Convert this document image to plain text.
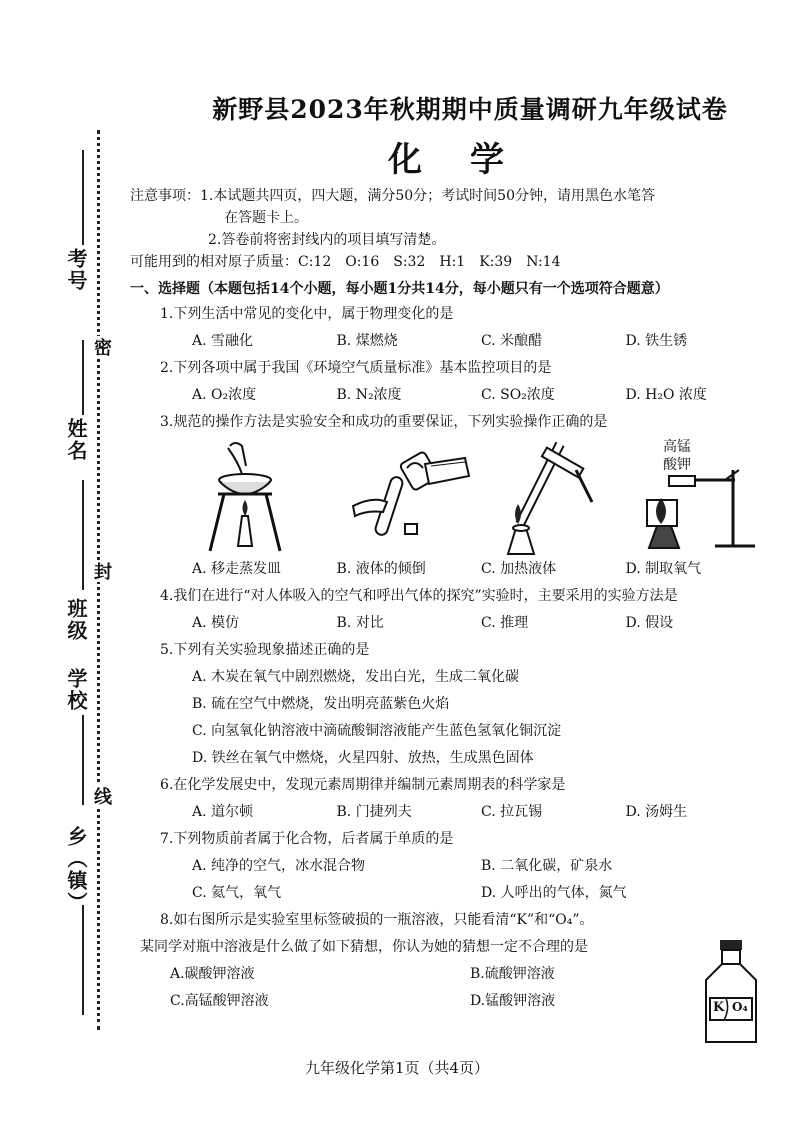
考号
姓名
班级
学校
乡（镇）
密
封
线
新野县2023年秋期期中质量调研九年级试卷
化学
注意事项：1.本试题共四页，四大题，满分50分；考试时间50分钟，请用黑色水笔答
在答题卡上。
2.答卷前将密封线内的项目填写清楚。
可能用到的相对原子质量：C:12　O:16　S:32　H:1　K:39　N:14
一、选择题（本题包括14个小题，每小题1分共14分，每小题只有一个选项符合题意）
1.下列生活中常见的变化中，属于物理变化的是
A. 雪融化	B. 煤燃烧	C. 米酿醋	D. 铁生锈
2.下列各项中属于我国《环境空气质量标准》基本监控项目的是
A. O₂浓度	B. N₂浓度	C. SO₂浓度	D. H₂O 浓度
3.规范的操作方法是实验安全和成功的重要保证，下列实验操作正确的是
高锰
酸钾
A. 移走蒸发皿	B. 液体的倾倒	C. 加热液体	D. 制取氧气
4.我们在进行“对人体吸入的空气和呼出气体的探究”实验时，主要采用的实验方法是
A. 模仿	B. 对比	C. 推理	D. 假设
5.下列有关实验现象描述正确的是
A. 木炭在氧气中剧烈燃烧，发出白光，生成二氧化碳
B. 硫在空气中燃烧，发出明亮蓝紫色火焰
C. 向氢氧化钠溶液中滴硫酸铜溶液能产生蓝色氢氧化铜沉淀
D. 铁丝在氧气中燃烧，火星四射、放热，生成黑色固体
6.在化学发展史中，发现元素周期律并编制元素周期表的科学家是
A. 道尔顿	B. 门捷列夫	C. 拉瓦锡	D. 汤姆生
7.下列物质前者属于化合物，后者属于单质的是
A. 纯净的空气，冰水混合物	B. 二氧化碳，矿泉水
C. 氦气，氧气	D. 人呼出的气体，氮气
8.如右图所示是实验室里标签破损的一瓶溶液，只能看清“K”和“O₄”。
某同学对瓶中溶液是什么做了如下猜想，你认为她的猜想一定不合理的是
A.碳酸钾溶液	B.硫酸钾溶液
C.高锰酸钾溶液	D.锰酸钾溶液	K O₄
九年级化学第1页（共4页）
